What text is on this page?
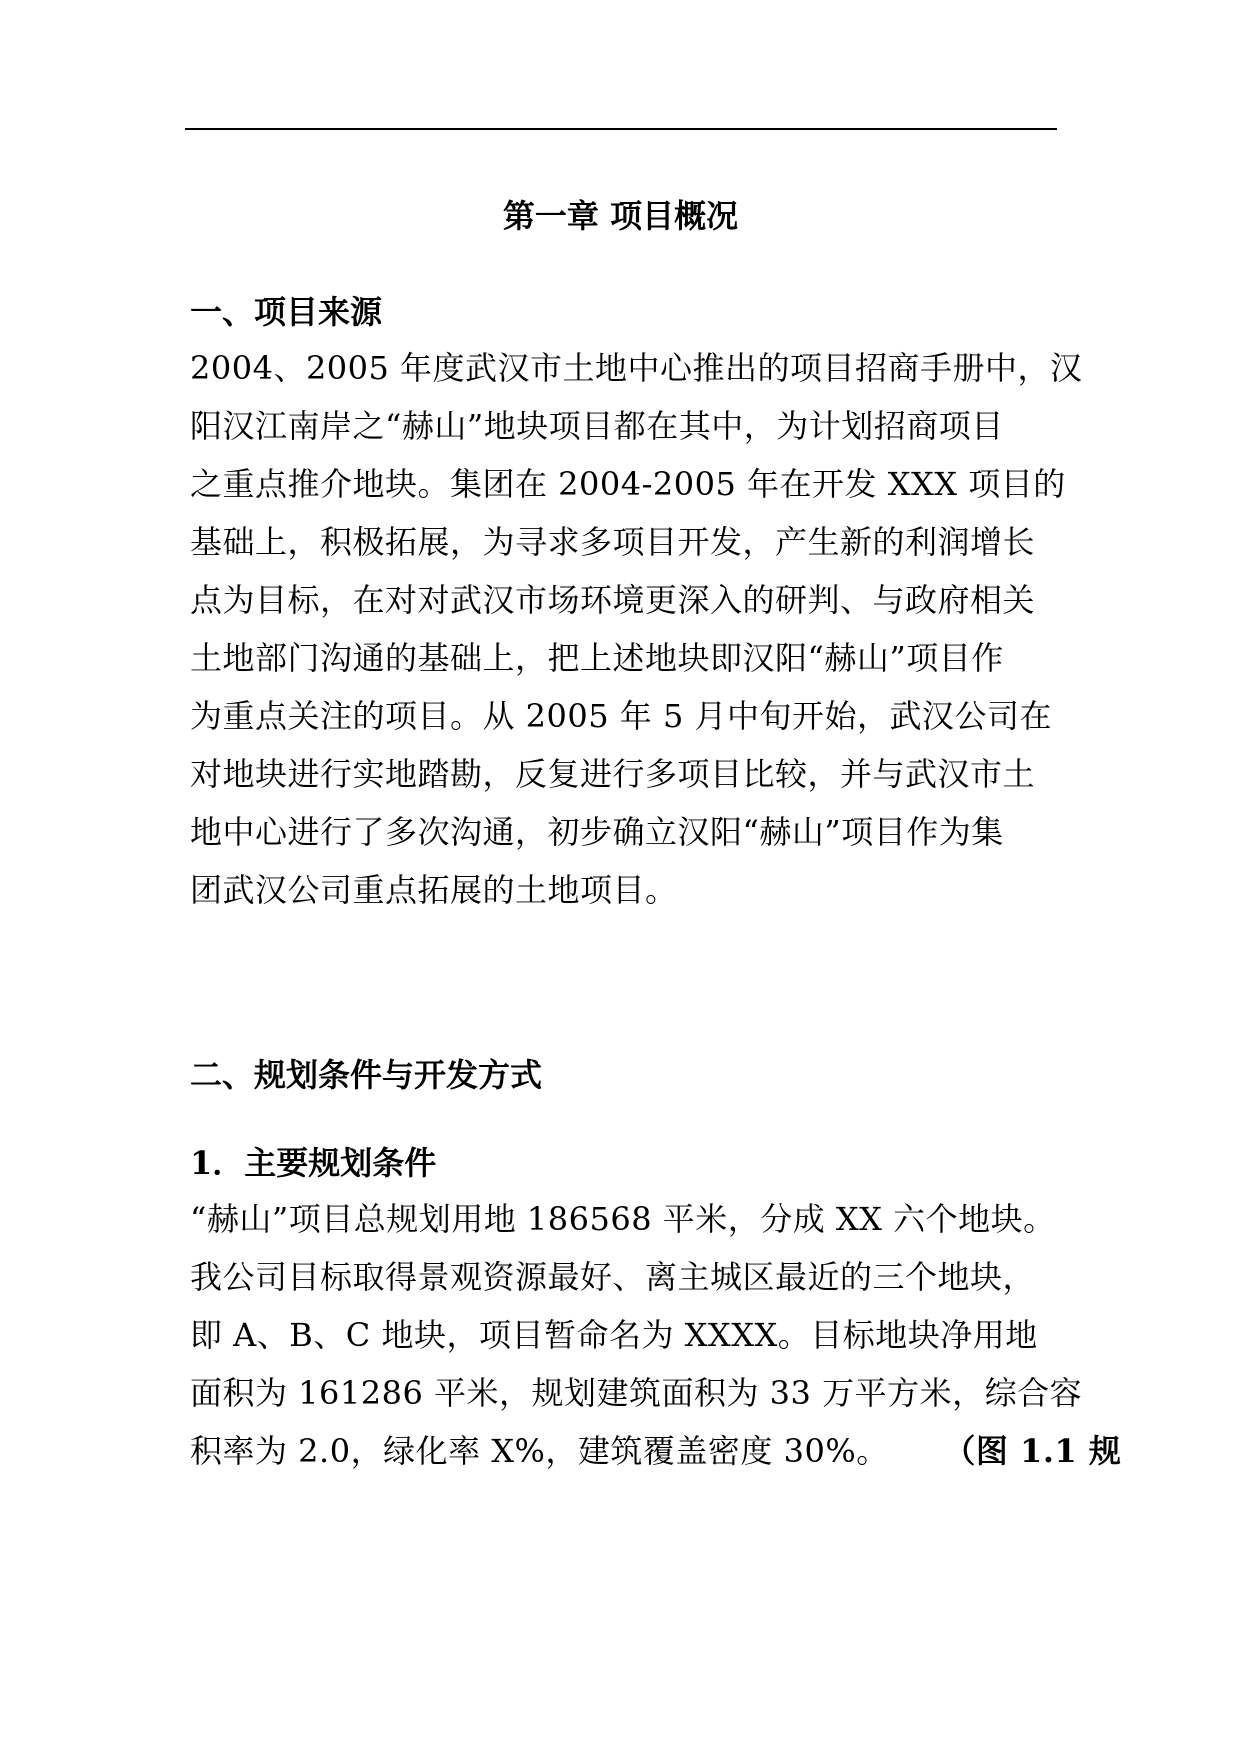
第一章 项目概况
一、项目来源
2004、2005 年度武汉市土地中心推出的项目招商手册中，汉
阳汉江南岸之“赫山”地块项目都在其中，为计划招商项目
之重点推介地块。集团在 2004-2005 年在开发 XXX 项目的
基础上，积极拓展，为寻求多项目开发，产生新的利润增长
点为目标，在对对武汉市场环境更深入的研判、与政府相关
土地部门沟通的基础上，把上述地块即汉阳“赫山”项目作
为重点关注的项目。从 2005 年 5 月中旬开始，武汉公司在
对地块进行实地踏勘，反复进行多项目比较，并与武汉市土
地中心进行了多次沟通，初步确立汉阳“赫山”项目作为集
团武汉公司重点拓展的土地项目。
二、规划条件与开发方式
1．主要规划条件
“赫山”项目总规划用地 186568 平米，分成 XX 六个地块。
我公司目标取得景观资源最好、离主城区最近的三个地块，
即 A、B、C 地块，项目暂命名为 XXXX。目标地块净用地
面积为 161286 平米，规划建筑面积为 33 万平方米，综合容
积率为 2.0，绿化率 X%，建筑覆盖密度 30%。 （图 1.1 规
